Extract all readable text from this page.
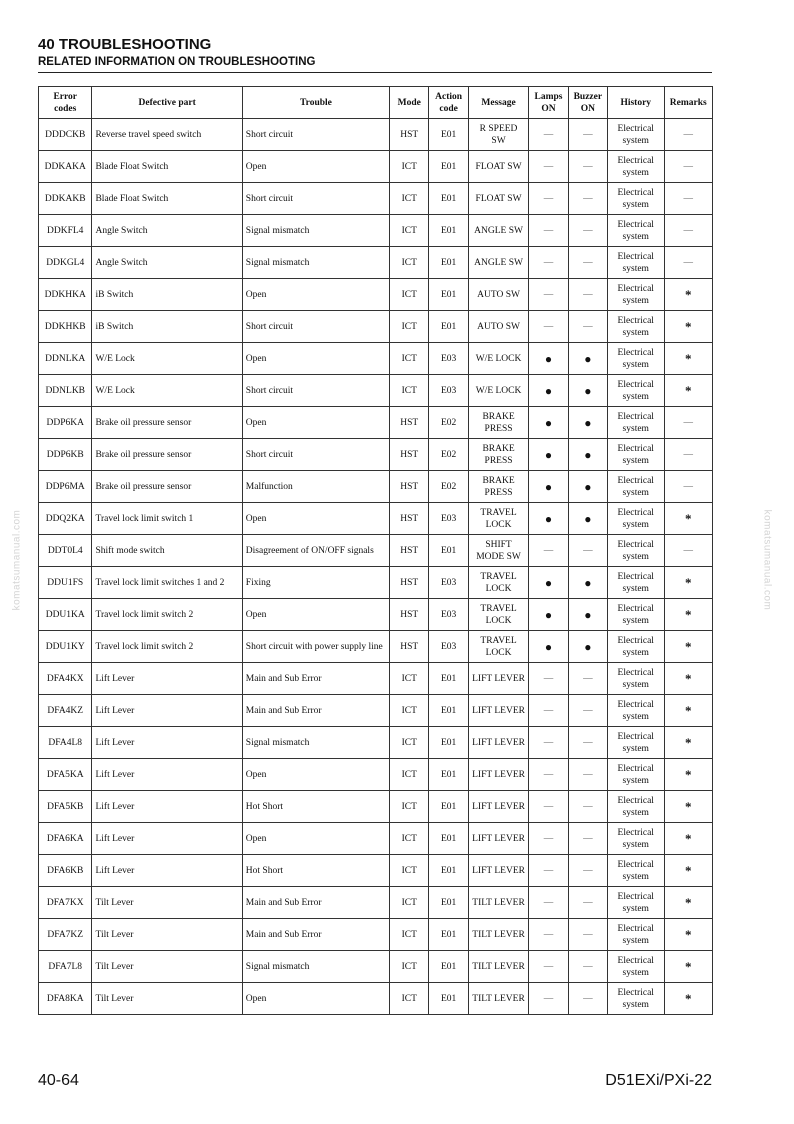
40 TROUBLESHOOTING
RELATED INFORMATION ON TROUBLESHOOTING
komatsumanual.com	komatsumanual.com
Error codes	Defective part	Trouble	Mode	Action code	Message	Lamps ON	Buzzer ON	History	Remarks
DDDCKB	Reverse travel speed switch	Short circuit	HST	E01	R SPEED SW	—	—	Electrical system	—
DDKAKA	Blade Float Switch	Open	ICT	E01	FLOAT SW	—	—	Electrical system	—
DDKAKB	Blade Float Switch	Short circuit	ICT	E01	FLOAT SW	—	—	Electrical system	—
DDKFL4	Angle Switch	Signal mismatch	ICT	E01	ANGLE SW	—	—	Electrical system	—
DDKGL4	Angle Switch	Signal mismatch	ICT	E01	ANGLE SW	—	—	Electrical system	—
DDKHKA	iB Switch	Open	ICT	E01	AUTO SW	—	—	Electrical system	*
DDKHKB	iB Switch	Short circuit	ICT	E01	AUTO SW	—	—	Electrical system	*
DDNLKA	W/E Lock	Open	ICT	E03	W/E LOCK	●	●	Electrical system	*
DDNLKB	W/E Lock	Short circuit	ICT	E03	W/E LOCK	●	●	Electrical system	*
DDP6KA	Brake oil pressure sensor	Open	HST	E02	BRAKE PRESS	●	●	Electrical system	—
DDP6KB	Brake oil pressure sensor	Short circuit	HST	E02	BRAKE PRESS	●	●	Electrical system	—
DDP6MA	Brake oil pressure sensor	Malfunction	HST	E02	BRAKE PRESS	●	●	Electrical system	—
DDQ2KA	Travel lock limit switch 1	Open	HST	E03	TRAVEL LOCK	●	●	Electrical system	*
DDT0L4	Shift mode switch	Disagreement of ON/OFF signals	HST	E01	SHIFT MODE SW	—	—	Electrical system	—
DDU1FS	Travel lock limit switches 1 and 2	Fixing	HST	E03	TRAVEL LOCK	●	●	Electrical system	*
DDU1KA	Travel lock limit switch 2	Open	HST	E03	TRAVEL LOCK	●	●	Electrical system	*
DDU1KY	Travel lock limit switch 2	Short circuit with power supply line	HST	E03	TRAVEL LOCK	●	●	Electrical system	*
DFA4KX	Lift Lever	Main and Sub Error	ICT	E01	LIFT LEVER	—	—	Electrical system	*
DFA4KZ	Lift Lever	Main and Sub Error	ICT	E01	LIFT LEVER	—	—	Electrical system	*
DFA4L8	Lift Lever	Signal mismatch	ICT	E01	LIFT LEVER	—	—	Electrical system	*
DFA5KA	Lift Lever	Open	ICT	E01	LIFT LEVER	—	—	Electrical system	*
DFA5KB	Lift Lever	Hot Short	ICT	E01	LIFT LEVER	—	—	Electrical system	*
DFA6KA	Lift Lever	Open	ICT	E01	LIFT LEVER	—	—	Electrical system	*
DFA6KB	Lift Lever	Hot Short	ICT	E01	LIFT LEVER	—	—	Electrical system	*
DFA7KX	Tilt Lever	Main and Sub Error	ICT	E01	TILT LEVER	—	—	Electrical system	*
DFA7KZ	Tilt Lever	Main and Sub Error	ICT	E01	TILT LEVER	—	—	Electrical system	*
DFA7L8	Tilt Lever	Signal mismatch	ICT	E01	TILT LEVER	—	—	Electrical system	*
DFA8KA	Tilt Lever	Open	ICT	E01	TILT LEVER	—	—	Electrical system	*
40-64	D51EXi/PXi-22
